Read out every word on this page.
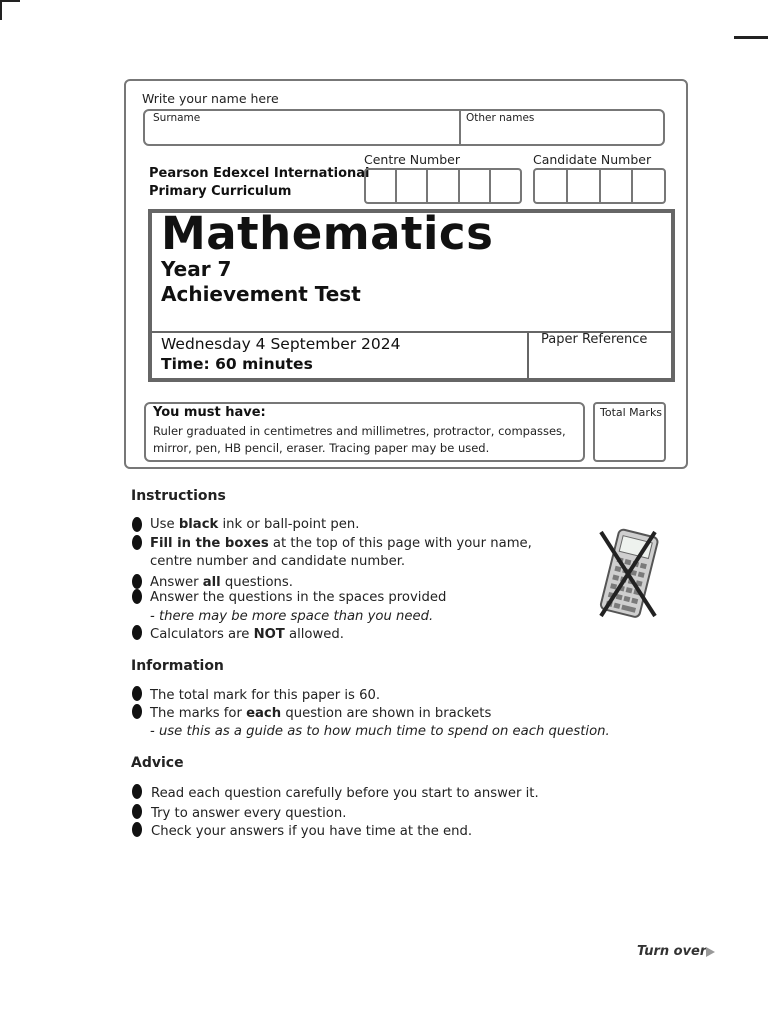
Write your name here
Surname	Other names
Pearson Edexcel International
Primary Curriculum
Centre Number	Candidate Number
Mathematics
Year 7
Achievement Test
Wednesday 4 September 2024
Time: 60 minutes
Paper Reference
You must have:
Ruler graduated in centimetres and millimetres, protractor, compasses,
mirror, pen, HB pencil, eraser. Tracing paper may be used.
Total Marks
Instructions
Use black ink or ball-point pen.
Fill in the boxes at the top of this page with your name,
centre number and candidate number.
Answer all questions.
Answer the questions in the spaces provided
- there may be more space than you need.
Calculators are NOT allowed.
Information
The total mark for this paper is 60.
The marks for each question are shown in brackets
- use this as a guide as to how much time to spend on each question.
Advice
Read each question carefully before you start to answer it.
Try to answer every question.
Check your answers if you have time at the end.
Turn over
